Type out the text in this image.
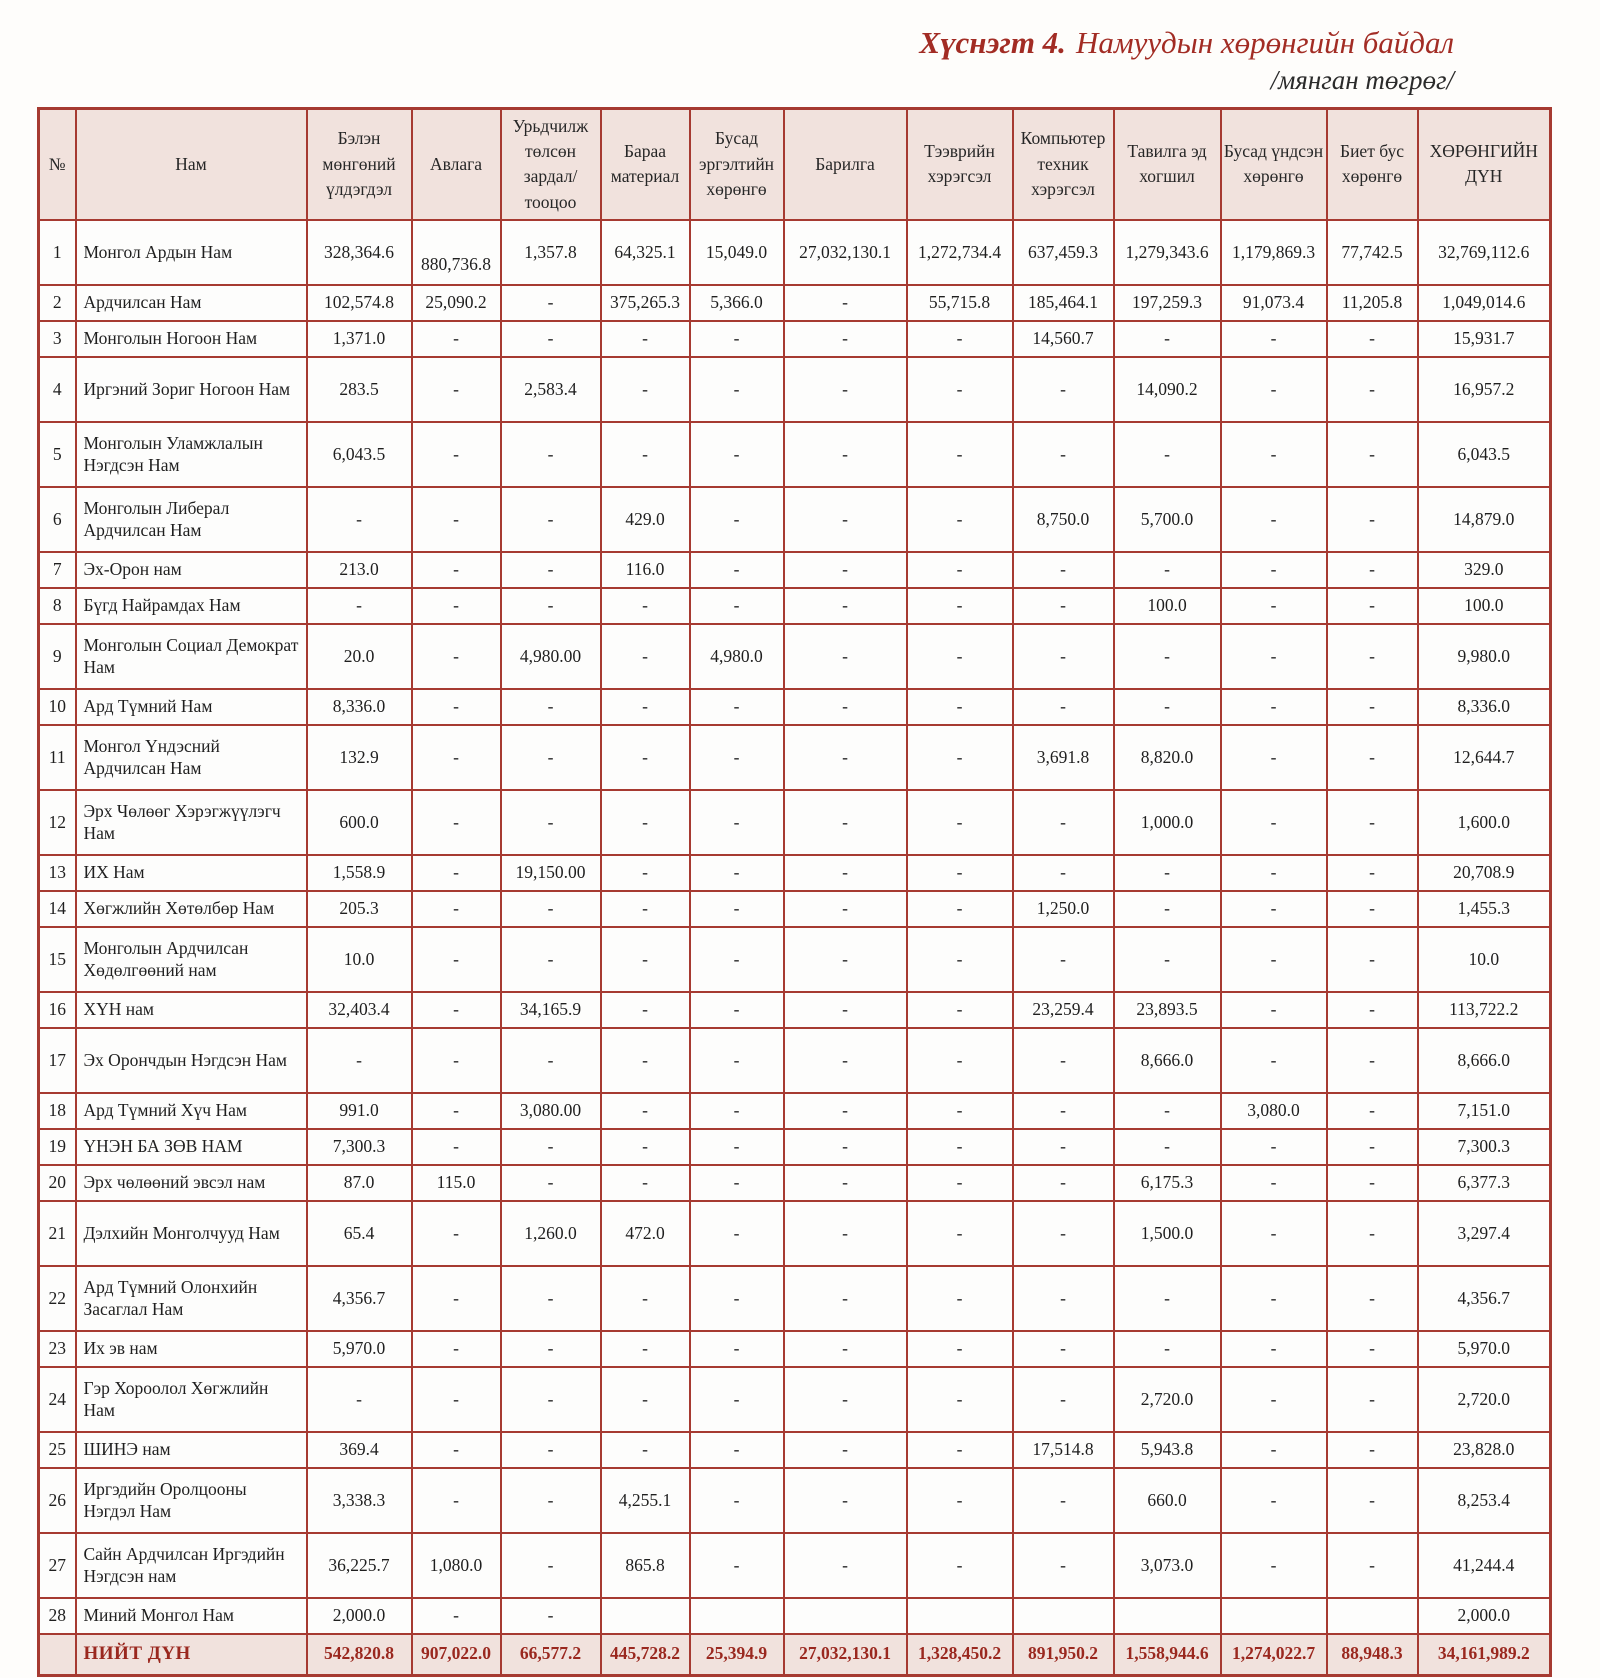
Хүснэгт 4. Намуудын хөрөнгийн байдал
/мянган төгрөг/
№	Нам	Бэлэн мөнгөний үлдэгдэл	Авлага	Урьдчилж төлсөн зардал/ тооцоо	Бараа материал	Бусад эргэлтийн хөрөнгө	Барилга	Тээврийн хэрэгсэл	Компьютер техник хэрэгсэл	Тавилга эд хогшил	Бусад үндсэн хөрөнгө	Биет бус хөрөнгө	ХӨРӨНГИЙН ДҮН
1	Монгол Ардын Нам	328,364.6	880,736.8	1,357.8	64,325.1	15,049.0	27,032,130.1	1,272,734.4	637,459.3	1,279,343.6	1,179,869.3	77,742.5	32,769,112.6
2	Ардчилсан Нам	102,574.8	25,090.2	-	375,265.3	5,366.0	-	55,715.8	185,464.1	197,259.3	91,073.4	11,205.8	1,049,014.6
3	Монголын Ногоон Нам	1,371.0	-	-	-	-	-	-	14,560.7	-	-	-	15,931.7
4	Иргэний Зориг Ногоон Нам	283.5	-	2,583.4	-	-	-	-	-	14,090.2	-	-	16,957.2
5	Монголын Уламжлалын Нэгдсэн Нам	6,043.5	-	-	-	-	-	-	-	-	-	-	6,043.5
6	Монголын Либерал Ардчилсан Нам	-	-	-	429.0	-	-	-	8,750.0	5,700.0	-	-	14,879.0
7	Эх-Орон нам	213.0	-	-	116.0	-	-	-	-	-	-	-	329.0
8	Бүгд Найрамдах Нам	-	-	-	-	-	-	-	-	100.0	-	-	100.0
9	Монголын Социал Демократ Нам	20.0	-	4,980.00	-	4,980.0	-	-	-	-	-	-	9,980.0
10	Ард Түмний Нам	8,336.0	-	-	-	-	-	-	-	-	-	-	8,336.0
11	Монгол Үндэсний Ардчилсан Нам	132.9	-	-	-	-	-	-	3,691.8	8,820.0	-	-	12,644.7
12	Эрх Чөлөөг Хэрэгжүүлэгч Нам	600.0	-	-	-	-	-	-	-	1,000.0	-	-	1,600.0
13	ИХ Нам	1,558.9	-	19,150.00	-	-	-	-	-	-	-	-	20,708.9
14	Хөгжлийн Хөтөлбөр Нам	205.3	-	-	-	-	-	-	1,250.0	-	-	-	1,455.3
15	Монголын Ардчилсан Хөдөлгөөний нам	10.0	-	-	-	-	-	-	-	-	-	-	10.0
16	ХҮН нам	32,403.4	-	34,165.9	-	-	-	-	23,259.4	23,893.5	-	-	113,722.2
17	Эх Орончдын Нэгдсэн Нам	-	-	-	-	-	-	-	-	8,666.0	-	-	8,666.0
18	Ард Түмний Хүч Нам	991.0	-	3,080.00	-	-	-	-	-	-	3,080.0	-	7,151.0
19	ҮНЭН БА ЗӨВ НАМ	7,300.3	-	-	-	-	-	-	-	-	-	-	7,300.3
20	Эрх чөлөөний эвсэл нам	87.0	115.0	-	-	-	-	-	-	6,175.3	-	-	6,377.3
21	Дэлхийн Монголчууд Нам	65.4	-	1,260.0	472.0	-	-	-	-	1,500.0	-	-	3,297.4
22	Ард Түмний Олонхийн Засаглал Нам	4,356.7	-	-	-	-	-	-	-	-	-	-	4,356.7
23	Их эв нам	5,970.0	-	-	-	-	-	-	-	-	-	-	5,970.0
24	Гэр Хороолол Хөгжлийн Нам	-	-	-	-	-	-	-	-	2,720.0	-	-	2,720.0
25	ШИНЭ нам	369.4	-	-	-	-	-	-	17,514.8	5,943.8	-	-	23,828.0
26	Иргэдийн Оролцооны Нэгдэл Нам	3,338.3	-	-	4,255.1	-	-	-	-	660.0	-	-	8,253.4
27	Сайн Ардчилсан Иргэдийн Нэгдсэн нам	36,225.7	1,080.0	-	865.8	-	-	-	-	3,073.0	-	-	41,244.4
28	Миний Монгол Нам	2,000.0	-	-									2,000.0
	НИЙТ ДҮН	542,820.8	907,022.0	66,577.2	445,728.2	25,394.9	27,032,130.1	1,328,450.2	891,950.2	1,558,944.6	1,274,022.7	88,948.3	34,161,989.2
